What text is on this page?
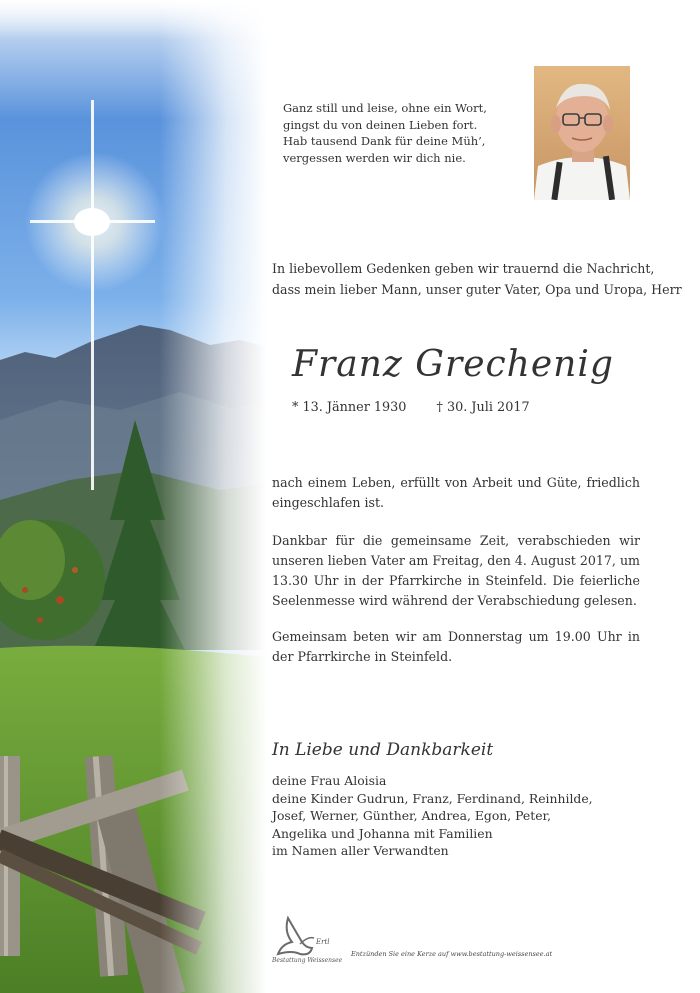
Ganz still und leise, ohne ein Wort,
gingst du von deinen Lieben fort.
Hab tausend Dank für deine Müh’,
vergessen werden wir dich nie.
In liebevollem Gedenken geben wir trauernd die Nachricht,
dass mein lieber Mann, unser guter Vater, Opa und Uropa, Herr
Franz Grechenig
* 13. Jänner 1930 † 30. Juli 2017
nach einem Leben, erfüllt von Arbeit und Güte, friedlich eingeschlafen ist.
Dankbar für die gemeinsame Zeit, verabschieden wir unseren lieben Vater am Freitag, den 4. August 2017, um 13.30 Uhr in der Pfarrkirche in Steinfeld. Die feierliche Seelenmesse wird während der Verabschiedung gelesen.
Gemeinsam beten wir am Donnerstag um 19.00 Uhr in der Pfarrkirche in Steinfeld.
In Liebe und Dankbarkeit
deine Frau Aloisia
deine Kinder Gudrun, Franz, Ferdinand, Reinhilde,
Josef, Werner, Günther, Andrea, Egon, Peter,
Angelika und Johanna mit Familien
im Namen aller Verwandten
Ertl
Bestattung Weissensee
Entzünden Sie eine Kerze auf www.bestattung-weissensee.at
